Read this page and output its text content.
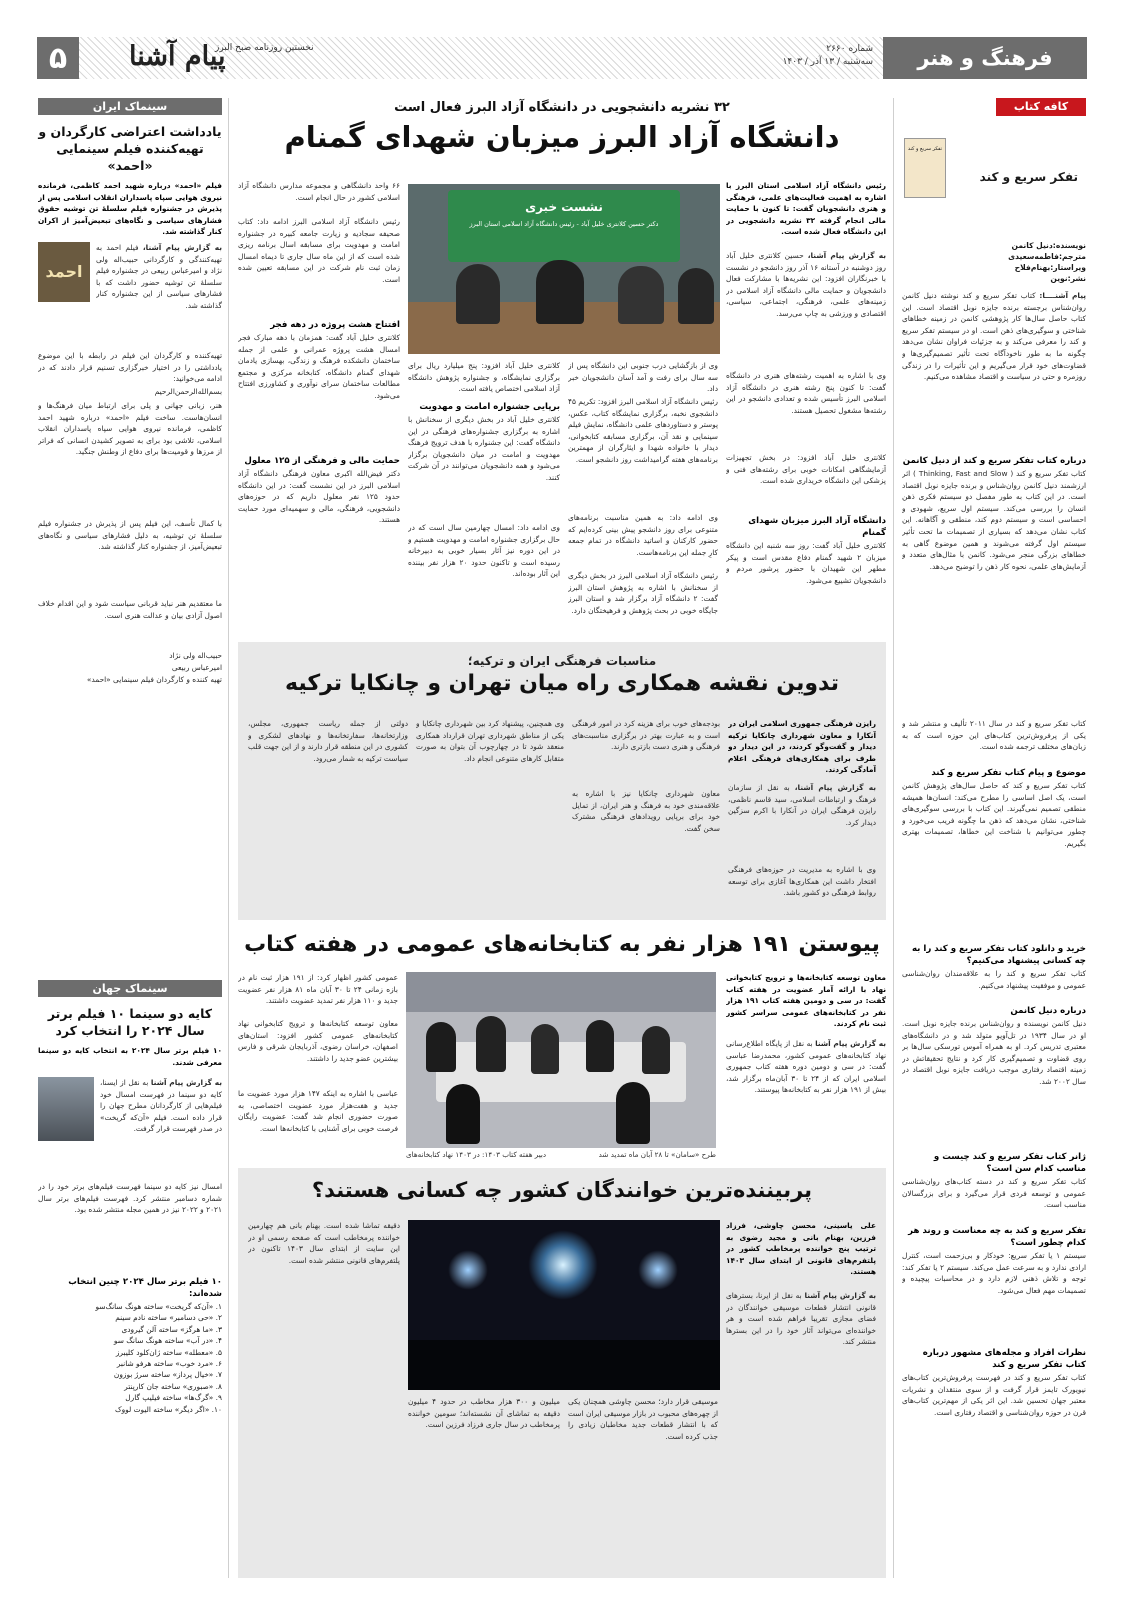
فرهنگ و هنر
شماره ۲۶۶۰
سه‌شنبه / ۱۳ آذر / ۱۴۰۳
نخستین روزنامه صبح البرز
پیام آشنا
۵
کافه کتاب
تفکر سریع و کند
تفکر سریع و کند
نویسنده:دنیل کانمن
مترجم:فاطمه‌سعیدی
ویراستار:بهنام‌فلاح
نشر:نوین
پیام آشنــــا: کتاب تفکر سریع و کند نوشته دنیل کانمن روان‌شناس برجسته برنده جایزه نوبل اقتصاد است. این کتاب حاصل سال‌ها کار پژوهشی کانمن در زمینه خطاهای شناختی و سوگیری‌های ذهن است. او در سیستم تفکر سریع و کند را معرفی می‌کند و به جزئیات فراوان نشان می‌دهد چگونه ما به طور ناخودآگاه تحت تأثیر تصمیم‌گیری‌ها و قضاوت‌های خود قرار می‌گیریم و این تأثیرات را در زندگی روزمره و حتی در سیاست و اقتصاد مشاهده می‌کنیم.
درباره کتاب تفکر سریع و کند از دنیل کانمن
کتاب تفکر سریع و کند ( Thinking, Fast and Slow ) اثر ارزشمند دنیل کانمن روان‌شناس و برنده جایزه نوبل اقتصاد است. در این کتاب به طور مفصل دو سیستم فکری ذهن انسان را بررسی می‌کند. سیستم اول سریع، شهودی و احساسی است و سیستم دوم کند، منطقی و آگاهانه. این کتاب نشان می‌دهد که بسیاری از تصمیمات ما تحت تأثیر سیستم اول گرفته می‌شوند و همین موضوع گاهی به خطاهای بزرگی منجر می‌شود. کانمن با مثال‌های متعدد و آزمایش‌های علمی، نحوه کار ذهن را توضیح می‌دهد.
کتاب تفکر سریع و کند در سال ۲۰۱۱ تألیف و منتشر شد و یکی از پرفروش‌ترین کتاب‌های این حوزه است که به زبان‌های مختلف ترجمه شده است.
موضوع و پیام کتاب تفکر سریع و کند
کتاب تفکر سریع و کند که حاصل سال‌های پژوهش کانمن است، یک اصل اساسی را مطرح می‌کند: انسان‌ها همیشه منطقی تصمیم نمی‌گیرند. این کتاب با بررسی سوگیری‌های شناختی، نشان می‌دهد که ذهن ما چگونه فریب می‌خورد و چطور می‌توانیم با شناخت این خطاها، تصمیمات بهتری بگیریم.
خرید و دانلود کتاب تفکر سریع و کند را به چه کسانی پیشنهاد می‌کنیم؟
کتاب تفکر سریع و کند را به علاقه‌مندان روان‌شناسی عمومی و موفقیت پیشنهاد می‌کنیم.
درباره دنیل کانمن
دنیل کانمن نویسنده و روان‌شناس برنده جایزه نوبل است. او در سال ۱۹۳۴ در تل‌آویو متولد شد و در دانشگاه‌های معتبری تدریس کرد. او به همراه آموس تورسکی سال‌ها بر روی قضاوت و تصمیم‌گیری کار کرد و نتایج تحقیقاتش در زمینه اقتصاد رفتاری موجب دریافت جایزه نوبل اقتصاد در سال ۲۰۰۲ شد.
ژانر کتاب تفکر سریع و کند چیست و مناسب کدام سن است؟
کتاب تفکر سریع و کند در دسته کتاب‌های روان‌شناسی عمومی و توسعه فردی قرار می‌گیرد و برای بزرگسالان مناسب است.
تفکر سریع و کند به چه معناست و روند هر کدام چطور است؟
سیستم ۱ یا تفکر سریع: خودکار و بی‌زحمت است، کنترل ارادی ندارد و به سرعت عمل می‌کند. سیستم ۲ یا تفکر کند: توجه و تلاش ذهنی لازم دارد و در محاسبات پیچیده و تصمیمات مهم فعال می‌شود.
نظرات افراد و مجله‌های مشهور درباره کتاب تفکر سریع و کند
کتاب تفکر سریع و کند در فهرست پرفروش‌ترین کتاب‌های نیویورک تایمز قرار گرفت و از سوی منتقدان و نشریات معتبر جهان تحسین شد. این اثر یکی از مهم‌ترین کتاب‌های قرن در حوزه روان‌شناسی و اقتصاد رفتاری است.
۳۲ نشریه دانشجویی در دانشگاه آزاد البرز فعال است
دانشگاه آزاد البرز میزبان شهدای گمنام
رئیس دانشگاه آزاد اسلامی استان البرز با اشاره به اهمیت فعالیت‌های علمی، فرهنگی و هنری دانشجویان گفت: تا کنون با حمایت مالی انجام گرفته ۳۲ نشریه دانشجویی در این دانشگاه فعال شده است.
به گزارش پیام آشنا، حسین کلانتری خلیل آباد روز دوشنبه در آستانه ۱۶ آذر روز دانشجو در نشست با خبرنگاران افزود: این نشریه‌ها با مشارکت فعال دانشجویان و حمایت مالی دانشگاه آزاد اسلامی در زمینه‌های علمی، فرهنگی، اجتماعی، سیاسی، اقتصادی و ورزشی به چاپ می‌رسد.
وی با اشاره به اهمیت رشته‌های هنری در دانشگاه گفت: تا کنون پنج رشته هنری در دانشگاه آزاد اسلامی البرز تأسیس شده و تعدادی دانشجو در این رشته‌ها مشغول تحصیل هستند.
کلانتری خلیل آباد افزود: در بخش تجهیزات آزمایشگاهی امکانات خوبی برای رشته‌های فنی و پزشکی این دانشگاه خریداری شده است.
دانشگاه آزاد البرز میزبان شهدای گمنام
کلانتری خلیل آباد گفت: روز سه شنبه این دانشگاه میزبان ۲ شهید گمنام دفاع مقدس است و پیکر مطهر این شهیدان با حضور پرشور مردم و دانشجویان تشییع می‌شود.
نشست خبری
دکتر حسین کلانتری خلیل آباد - رئیس دانشگاه آزاد اسلامی استان البرز
وی از بازگشایی درب جنوبی این دانشگاه پس از سه سال برای رفت و آمد آسان دانشجویان خبر داد.
رئیس دانشگاه آزاد اسلامی البرز افزود: تکریم ۴۵ دانشجوی نخبه، برگزاری نمایشگاه کتاب، عکس، پوستر و دستاوردهای علمی دانشگاه، نمایش فیلم سینمایی و نقد آن، برگزاری مسابقه کتابخوانی، دیدار با خانواده شهدا و ایثارگران از مهمترین برنامه‌های هفته گرامیداشت روز دانشجو است.
وی ادامه داد: به همین مناسبت برنامه‌های متنوعی برای روز دانشجو پیش بینی کرده‌ایم که حضور کارکنان و اساتید دانشگاه در تمام جمعه کارِ جمله این برنامه‌هاست.
رئیس دانشگاه آزاد اسلامی البرز در بخش دیگری از سخنانش با اشاره به پژوهش استان البرز گفت: ۲ دانشگاه آزاد برگزار شد و استان البرز جایگاه خوبی در بحث پژوهش و فرهیختگان دارد.
کلانتری خلیل آباد افزود: پنج میلیارد ریال برای برگزاری نمایشگاه، و جشنواره پژوهش دانشگاه آزاد اسلامی اختصاص یافته است.
برپایی جشنواره امامت و مهدویت
کلانتری خلیل آباد در بخش دیگری از سخنانش با اشاره به برگزاری جشنواره‌های فرهنگی در این دانشگاه گفت: این جشنواره با هدف ترویج فرهنگ مهدویت و امامت در میان دانشجویان برگزار می‌شود و همه دانشجویان می‌توانند در آن شرکت کنند.
وی ادامه داد: امسال چهارمین سال است که در حال برگزاری جشنواره امامت و مهدویت هستیم و در این دوره نیز آثار بسیار خوبی به دبیرخانه رسیده است و تاکنون حدود ۲۰ هزار نفر بیننده این آثار بوده‌اند.
۶۶ واحد دانشگاهی و مجموعه مدارس دانشگاه آزاد اسلامی کشور در حال انجام است.
رئیس دانشگاه آزاد اسلامی البرز ادامه داد: کتاب صحیفه سجادیه و زیارت جامعه کبیره در جشنواره امامت و مهدویت برای مسابقه اسال برنامه ریزی شده است که از این ماه سال جاری تا دیماه امسال زمان ثبت نام شرکت در این مسابقه تعیین شده است.
افتتاح هشت پروژه در دهه فجر
کلانتری خلیل آباد گفت: همزمان با دهه مبارک فجر امسال هشت پروژه عمرانی و علمی از جمله ساختمان دانشکده فرهنگ و زندگی، بهسازی یادمان شهدای گمنام دانشگاه، کتابخانه مرکزی و مجتمع مطالعات ساختمان سرای نوآوری و کشاورزی افتتاح می‌شود.
حمایت مالی و فرهنگی از ۱۲۵ معلول
دکتر فیض‌الله اکبری معاون فرهنگی دانشگاه آزاد اسلامی البرز در این نشست گفت: در این دانشگاه حدود ۱۲۵ نفر معلول داریم که در حوزه‌های دانشجویی، فرهنگی، مالی و سهمیه‌ای مورد حمایت هستند.
مناسبات فرهنگی ایران و ترکیه؛
تدوین نقشه همکاری راه میان تهران و چانکایا ترکیه
رایزن فرهنگی جمهوری اسلامی ایران در آنکارا و معاون شهرداری چانکایا ترکیه دیدار و گفت‌وگو کردند، در این دیدار دو طرف برای همکاری‌های فرهنگی اعلام آمادگی کردند.
به گزارش پیام آشنا، به نقل از سازمان فرهنگ و ارتباطات اسلامی، سید قاسم ناظمی، رایزن فرهنگی ایران در آنکارا با اکرم سزگین دیدار کرد.
وی با اشاره به مدیریت در حوزه‌های فرهنگی افتخار داشت این همکاری‌ها آغازی برای توسعه روابط فرهنگی دو کشور باشد.
بودجه‌های خوب برای هزینه کرد در امور فرهنگی است و به عبارت بهتر در برگزاری مناسبت‌های فرهنگی و هنری دست بازتری دارند.
معاون شهرداری چانکایا نیز با اشاره به علاقه‌مندی خود به فرهنگ و هنر ایران، از تمایل خود برای برپایی رویدادهای فرهنگی مشترک سخن گفت.
وی همچنین، پیشنهاد کرد بین شهرداری چانکایا و یکی از مناطق شهرداری تهران قرارداد همکاری منعقد شود تا در چهارچوب آن بتوان به صورت متقابل کارهای متنوعی انجام داد.
دولتی از جمله ریاست جمهوری، مجلس، وزارتخانه‌ها، سفارتخانه‌ها و نهادهای لشکری و کشوری در این منطقه قرار دارند و از این جهت قلب سیاست ترکیه به شمار می‌رود.
پیوستن ۱۹۱ هزار نفر به کتابخانه‌های عمومی در هفته کتاب
معاون توسعه کتابخانه‌ها و ترویج کتابخوانی نهاد با ارائه آمار عضویت در هفته کتاب گفت: در سی و دومین هفته کتاب ۱۹۱ هزار نفر در کتابخانه‌های عمومی سراسر کشور ثبت نام کردند.
به گزارش پیام آشنا به نقل از پایگاه اطلاع‌رسانی نهاد کتابخانه‌های عمومی کشور، محمدرضا عباسی گفت: در سی و دومین دوره هفته کتاب جمهوری اسلامی ایران که از ۲۴ تا ۳۰ آبان‌ماه برگزار شد، بیش از ۱۹۱ هزار نفر به کتابخانه‌ها پیوستند.
طرح «سامان» تا ۲۸ آبان ماه تمدید شد
دبیر هفته کتاب ۱۴۰۳: در ۱۴۰۳ نهاد کتابخانه‌های
عمومی کشور اظهار کرد: از ۱۹۱ هزار ثبت نام در بازه زمانی ۲۴ تا ۳۰ آبان ماه ۸۱ هزار نفر عضویت جدید و ۱۱۰ هزار نفر تمدید عضویت داشتند.
معاون توسعه کتابخانه‌ها و ترویج کتابخوانی نهاد کتابخانه‌های عمومی کشور افزود: استان‌های اصفهان، خراسان رضوی، آذربایجان شرقی و فارس بیشترین عضو جدید را داشتند.
عباسی با اشاره به اینکه ۱۴۷ هزار مورد عضویت ما جدید و هفت‌هزار مورد عضویت اختصاصی، به صورت حضوری انجام شد گفت: عضویت رایگان فرصت خوبی برای آشنایی با کتابخانه‌ها است.
پربیننده‌ترین خوانندگان کشور چه کسانی هستند؟
علی یاسینی، محسن چاوشی، فرزاد فرزین، بهنام بانی و مجید رضوی به ترتیب پنج خواننده پرمخاطب کشور در پلتفرم‌های قانونی از ابتدای سال ۱۴۰۳ هستند.
به گزارش پیام آشنا به نقل از ایرنا، بسترهای قانونی انتشار قطعات موسیقی خوانندگان در فضای مجازی تقریبا فراهم شده است و هر خواننده‌ای می‌تواند آثار خود را در این بسترها منتشر کند.
موسیقی قرار دارد؛ محسن چاوشی همچنان یکی از چهره‌های محبوب در بازار موسیقی ایران است که با انتشار قطعات جدید مخاطبان زیادی را جذب کرده است.
میلیون و ۳۰۰ هزار مخاطب در حدود ۴ میلیون دقیقه به تماشای آن نشسته‌اند؛ سومین خواننده پرمخاطب در سال جاری فرزاد فرزین است.
دقیقه تماشا شده است. بهنام بانی هم چهارمین خواننده پرمخاطب است که صفحه رسمی او در این سایت از ابتدای سال ۱۴۰۳ تاکنون در پلتفرم‌های قانونی منتشر شده است.
سینماک ایران
یادداشت اعتراضی کارگردان و تهیه‌کننده فیلم سینمایی «احمد»
فیلم «احمد» درباره شهید احمد کاظمی، فرمانده نیروی هوایی سپاه پاسداران انقلاب اسلامی پس از پذیرش در جشنواره فیلم سلسلهٔ تن توشیه حقوق فشارهای سیاسی و نگاه‌های تبعیض‌آمیز از اکران کنار گذاشته شد.
احمد
به گزارش پیام آشنا، فیلم احمد به تهیه‌کنندگی و کارگردانی حبیب‌اله ولی نژاد و امیرعباس ربیعی در جشنواره فیلم سلسلهٔ تن توشیه حضور داشت که با فشارهای سیاسی از این جشنواره کنار گذاشته شد.
تهیه‌کننده و کارگردان این فیلم در رابطه با این موضوع یادداشتی را در اختیار خبرگزاری تسنیم قرار دادند که در ادامه می‌خوانید:
بسم‌الله‌الرحمن‌الرحیم
هنر، زبانی جهانی و پلی برای ارتباط میان فرهنگ‌ها و انسان‌هاست. ساخت فیلم «احمد» درباره شهید احمد کاظمی، فرمانده نیروی هوایی سپاه پاسداران انقلاب اسلامی، تلاشی بود برای به تصویر کشیدن انسانی که فراتر از مرزها و قومیت‌ها برای دفاع از وطنش جنگید.
با کمال تأسف، این فیلم پس از پذیرش در جشنواره فیلم سلسلهٔ تن توشیه، به دلیل فشارهای سیاسی و نگاه‌های تبعیض‌آمیز، از جشنواره کنار گذاشته شد.
ما معتقدیم هنر نباید قربانی سیاست شود و این اقدام خلاف اصول آزادی بیان و عدالت هنری است.
حبیب‌اله ولی نژاد
امیرعباس ربیعی
تهیه کننده و کارگردان فیلم سینمایی «احمد»
سینماک جهان
کایه دو سینما ۱۰ فیلم برتر سال ۲۰۲۴ را انتخاب کرد
۱۰ فیلم برتر سال ۲۰۲۴ به انتخاب کایه دو سینما معرفی شدند.
به گزارش پیام آشنا به نقل از ایسنا، کایه دو سینما در فهرست امسال خود فیلم‌هایی از کارگردانان مطرح جهان را قرار داده است. فیلم «آن‌که گریخت» در صدر فهرست قرار گرفت.
امسال نیز کایه دو سینما فهرست فیلم‌های برتر خود را در شماره دسامبر منتشر کرد. فهرست فیلم‌های برتر سال ۲۰۲۱ و ۲۰۲۲ نیز در همین مجله منتشر شده بود.
۱۰ فیلم برتر سال ۲۰۲۴ چنین انتخاب شده‌اند:
۱. «آن‌که گریخت» ساخته هونگ سانگ‌سو
۲. «حی دسامبر» ساخته نادم سینم
۳. «ما هرگز» ساخته آلن گیرودی
۴. «در آب» ساخته هونگ سانگ سو
۵. «معطله» ساخته ژان‌کلود کلیبرز
۶. «مرد خوب» ساخته هرفو شانبر
۷. «خیال پرداز» ساخته سرژ بوزون
۸. «صبوری» ساخته جان کارپنتر
۹. «گرگ‌ها» ساخته فیلیپ گارل
۱۰. «اگر دیگر» ساخته الیوت لووک
